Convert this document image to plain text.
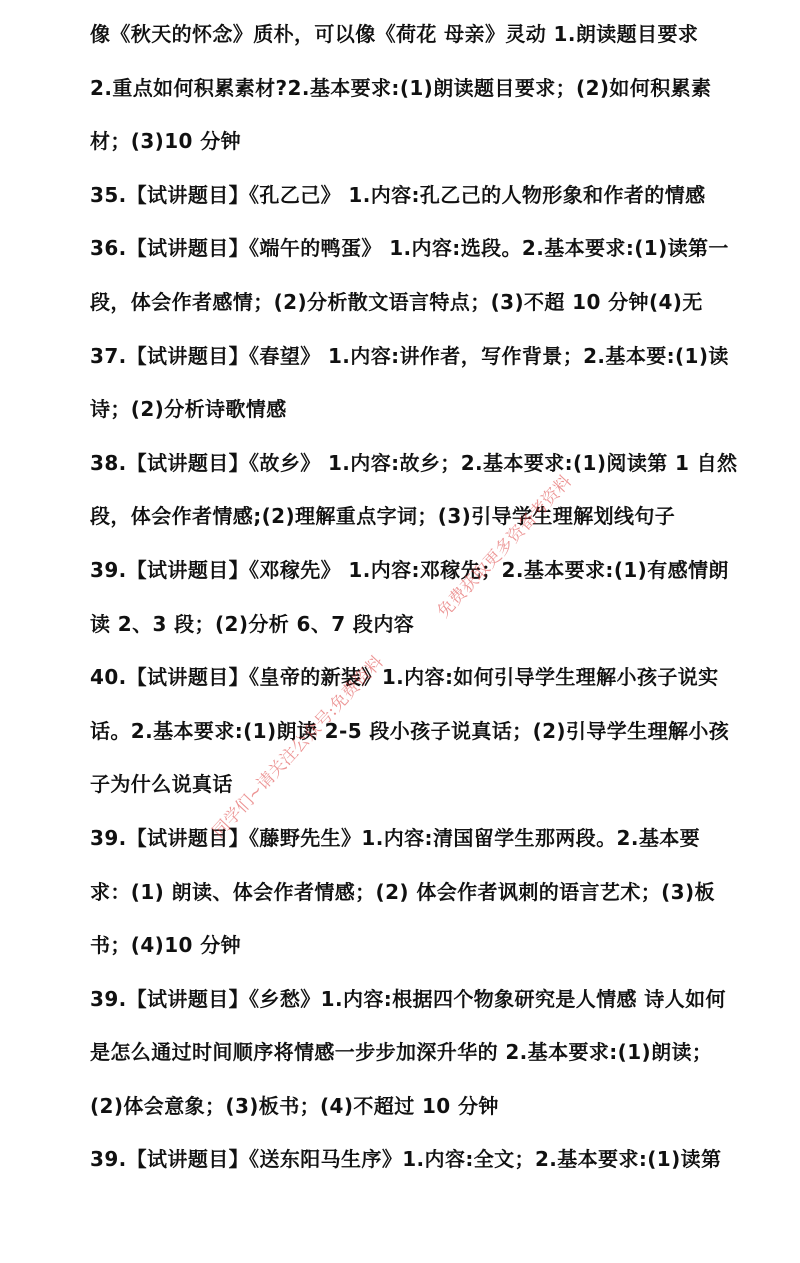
像《秋天的怀念》质朴，可以像《荷花 母亲》灵动 1.朗读题目要求
2.重点如何积累素材?2.基本要求:(1)朗读题目要求；(2)如何积累素
材；(3)10 分钟
35.【试讲题目】《孔乙己》 1.内容:孔乙己的人物形象和作者的情感
36.【试讲题目】《端午的鸭蛋》 1.内容:选段。2.基本要求:(1)读第一
段，体会作者感情；(2)分析散文语言特点；(3)不超 10 分钟(4)无
37.【试讲题目】《春望》 1.内容:讲作者，写作背景；2.基本要:(1)读
诗；(2)分析诗歌情感
38.【试讲题目】《故乡》 1.内容:故乡；2.基本要求:(1)阅读第 1 自然
段，体会作者情感;(2)理解重点字词；(3)引导学生理解划线句子
39.【试讲题目】《邓稼先》 1.内容:邓稼先；2.基本要求:(1)有感情朗
读 2、3 段；(2)分析 6、7 段内容
40.【试讲题目】《皇帝的新装》1.内容:如何引导学生理解小孩子说实
话。2.基本要求:(1)朗读 2-5 段小孩子说真话；(2)引导学生理解小孩
子为什么说真话
39.【试讲题目】《藤野先生》1.内容:清国留学生那两段。2.基本要
求：(1) 朗读、体会作者情感；(2) 体会作者讽刺的语言艺术；(3)板
书；(4)10 分钟
39.【试讲题目】《乡愁》1.内容:根据四个物象研究是人情感 诗人如何
是怎么通过时间顺序将情感一步步加深升华的 2.基本要求:(1)朗读；
(2)体会意象；(3)板书；(4)不超过 10 分钟
39.【试讲题目】《送东阳马生序》1.内容:全文；2.基本要求:(1)读第
同学们~请关注公众号:免费资料
免费获取更多资备考资料
